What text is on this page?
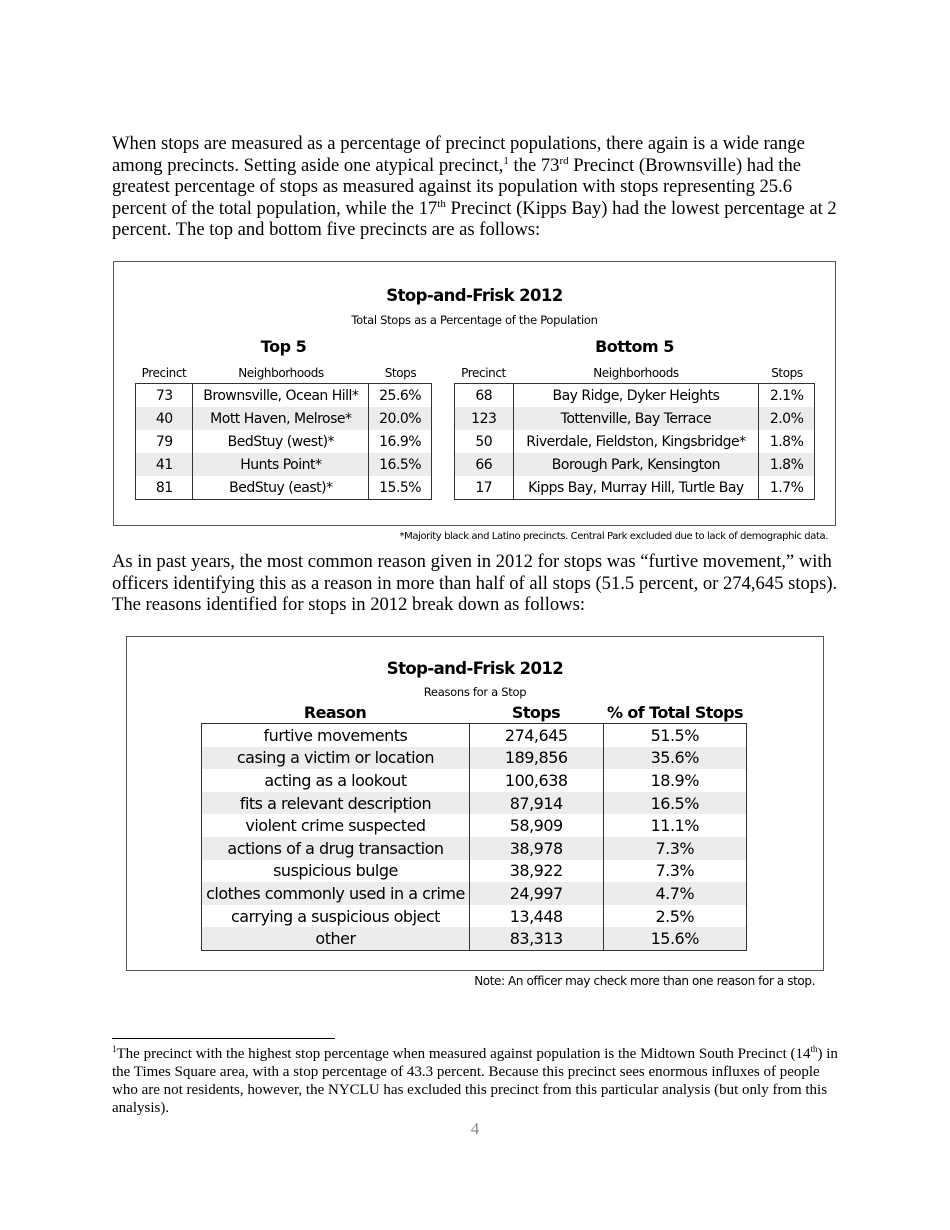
When stops are measured as a percentage of precinct populations, there again is a wide range among precincts. Setting aside one atypical precinct,$^1$ the 73rd Precinct (Brownsville) had the greatest percentage of stops as measured against its population with stops representing 25.6 percent of the total population, while the 17th Precinct (Kipps Bay) had the lowest percentage at 2 percent. The top and bottom five precincts are as follows:

Stop-and-Frisk 2012
Total Stops as a Percentage of the Population
Top 5	Bottom 5
Precinct	Neighborhoods	Stops	Precinct	Neighborhoods	Stops
73	Brownsville, Ocean Hill*	25.6%
40	Mott Haven, Melrose*	20.0%
79	BedStuy (west)*	16.9%
41	Hunts Point*	16.5%
81	BedStuy (east)*	15.5%
68	Bay Ridge, Dyker Heights	2.1%
123	Tottenville, Bay Terrace	2.0%
50	Riverdale, Fieldston, Kingsbridge*	1.8%
66	Borough Park, Kensington	1.8%
17	Kipps Bay, Murray Hill, Turtle Bay	1.7%
*Majority black and Latino precincts. Central Park excluded due to lack of demographic data.

As in past years, the most common reason given in 2012 for stops was “furtive movement,” with officers identifying this as a reason in more than half of all stops (51.5 percent, or 274,645 stops). The reasons identified for stops in 2012 break down as follows:

Stop-and-Frisk 2012
Reasons for a Stop
Reason	Stops	% of Total Stops
furtive movements	274,645	51.5%
casing a victim or location	189,856	35.6%
acting as a lookout	100,638	18.9%
fits a relevant description	87,914	16.5%
violent crime suspected	58,909	11.1%
actions of a drug transaction	38,978	7.3%
suspicious bulge	38,922	7.3%
clothes commonly used in a crime	24,997	4.7%
carrying a suspicious object	13,448	2.5%
other	83,313	15.6%
Note: An officer may check more than one reason for a stop.

$^1$The precinct with the highest stop percentage when measured against population is the Midtown South Precinct (14th) in the Times Square area, with a stop percentage of 43.3 percent. Because this precinct sees enormous influxes of people who are not residents, however, the NYCLU has excluded this precinct from this particular analysis (but only from this analysis).

4
